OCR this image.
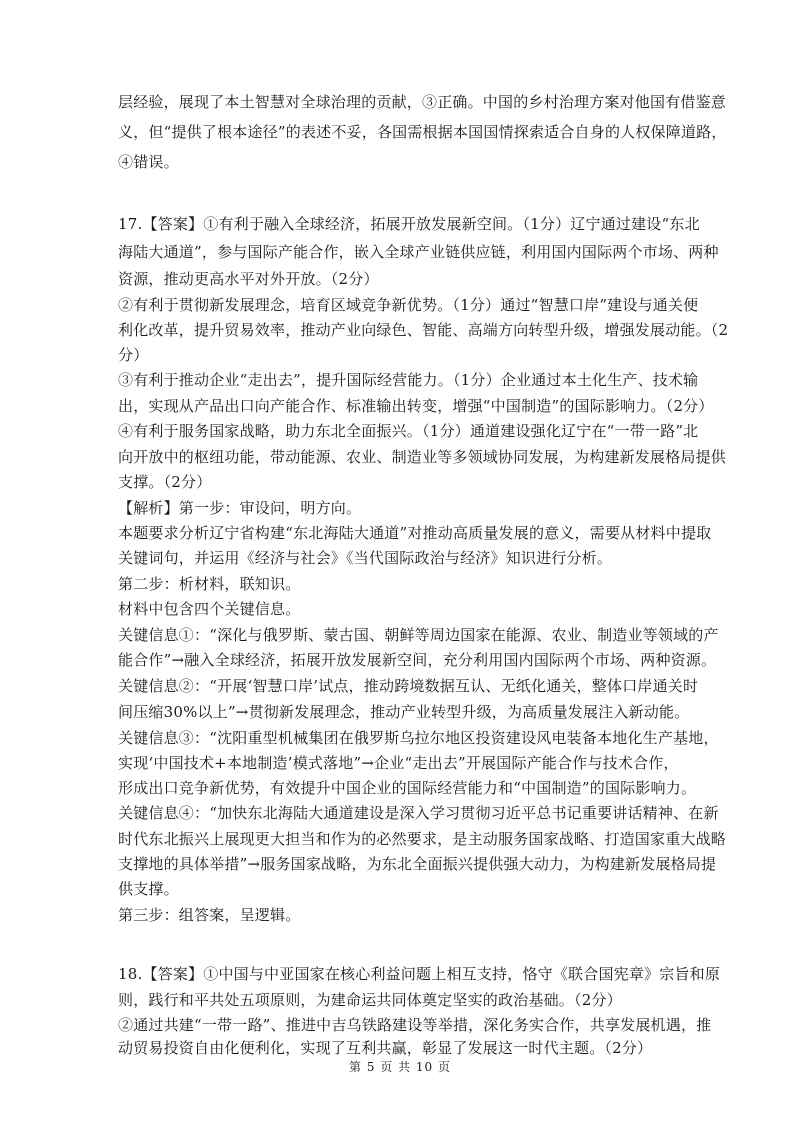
层经验，展现了本土智慧对全球治理的贡献，③正确。中国的乡村治理方案对他国有借鉴意
义，但“提供了根本途径”的表述不妥，各国需根据本国国情探索适合自身的人权保障道路，
④错误。
17.【答案】①有利于融入全球经济，拓展开放发展新空间。（1分）辽宁通过建设“东北
海陆大通道”，参与国际产能合作，嵌入全球产业链供应链，利用国内国际两个市场、两种
资源，推动更高水平对外开放。（2分）
②有利于贯彻新发展理念，培育区域竞争新优势。（1分）通过“智慧口岸”建设与通关便
利化改革，提升贸易效率，推动产业向绿色、智能、高端方向转型升级，增强发展动能。（2
分）
③有利于推动企业“走出去”，提升国际经营能力。（1分）企业通过本土化生产、技术输
出，实现从产品出口向产能合作、标准输出转变，增强“中国制造”的国际影响力。（2分）
④有利于服务国家战略，助力东北全面振兴。（1分）通道建设强化辽宁在“一带一路”北
向开放中的枢纽功能，带动能源、农业、制造业等多领域协同发展，为构建新发展格局提供
支撑。（2分）
【解析】第一步：审设问，明方向。
本题要求分析辽宁省构建“东北海陆大通道”对推动高质量发展的意义，需要从材料中提取
关键词句，并运用《经济与社会》《当代国际政治与经济》知识进行分析。
第二步：析材料，联知识。
材料中包含四个关键信息。
关键信息①：“深化与俄罗斯、蒙古国、朝鲜等周边国家在能源、农业、制造业等领域的产
能合作”→融入全球经济，拓展开放发展新空间，充分利用国内国际两个市场、两种资源。
关键信息②：“开展‘智慧口岸’试点，推动跨境数据互认、无纸化通关，整体口岸通关时
间压缩30%以上”→贯彻新发展理念，推动产业转型升级，为高质量发展注入新动能。
关键信息③：“沈阳重型机械集团在俄罗斯乌拉尔地区投资建设风电装备本地化生产基地，
实现‘中国技术+本地制造’模式落地”→企业“走出去”开展国际产能合作与技术合作，
形成出口竞争新优势，有效提升中国企业的国际经营能力和“中国制造”的国际影响力。
关键信息④：“加快东北海陆大通道建设是深入学习贯彻习近平总书记重要讲话精神、在新
时代东北振兴上展现更大担当和作为的必然要求，是主动服务国家战略、打造国家重大战略
支撑地的具体举措”→服务国家战略，为东北全面振兴提供强大动力，为构建新发展格局提
供支撑。
第三步：组答案，呈逻辑。
18.【答案】①中国与中亚国家在核心利益问题上相互支持，恪守《联合国宪章》宗旨和原
则，践行和平共处五项原则，为建命运共同体奠定坚实的政治基础。（2分）
②通过共建“一带一路”、推进中吉乌铁路建设等举措，深化务实合作，共享发展机遇，推
第 5 页 共 10 页
动贸易投资自由化便利化，实现了互利共赢，彰显了发展这一时代主题。（2分）
